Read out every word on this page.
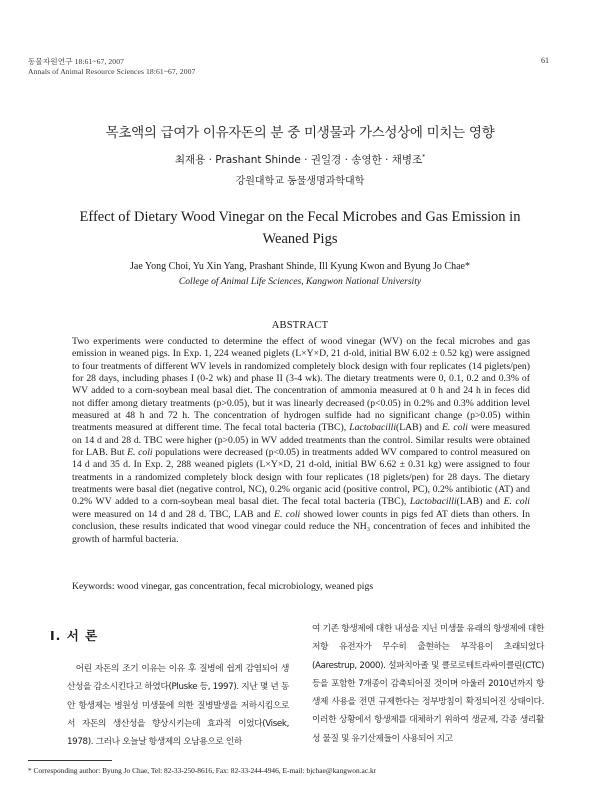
동물자원연구 18:61~67, 2007
Annals of Animal Resource Sciences 18:61~67, 2007
61
목초액의 급여가 이유자돈의 분 중 미생물과 가스성상에 미치는 영향
최재용 · Prashant Shinde · 권일경 · 송영한 · 채병조*
강원대학교 동물생명과학대학
Effect of Dietary Wood Vinegar on the Fecal Microbes and Gas Emission in Weaned Pigs
Jae Yong Choi, Yu Xin Yang, Prashant Shinde, Ill Kyung Kwon and Byung Jo Chae*
College of Animal Life Sciences, Kangwon National University
ABSTRACT
Two experiments were conducted to determine the effect of wood vinegar (WV) on the fecal microbes and gas emission in weaned pigs. In Exp. 1, 224 weaned piglets (L×Y×D, 21 d-old, initial BW 6.02 ± 0.52 kg) were assigned to four treatments of different WV levels in randomized completely block design with four replicates (14 piglets/pen) for 28 days, including phases I (0-2 wk) and phase II (3-4 wk). The dietary treatments were 0, 0.1, 0.2 and 0.3% of WV added to a corn-soybean meal basal diet. The concentration of ammonia measured at 0 h and 24 h in feces did not differ among dietary treatments (p>0.05), but it was linearly decreased (p<0.05) in 0.2% and 0.3% addition level measured at 48 h and 72 h. The concentration of hydrogen sulfide had no significant change (p>0.05) within treatments measured at different time. The fecal total bacteria (TBC), Lactobacilli(LAB) and E. coli were measured on 14 d and 28 d. TBC were higher (p>0.05) in WV added treatments than the control. Similar results were obtained for LAB. But E. coli populations were decreased (p<0.05) in treatments added WV compared to control measured on 14 d and 35 d. In Exp. 2, 288 weaned piglets (L×Y×D, 21 d-old, initial BW 6.62 ± 0.31 kg) were assigned to four treatments in a randomized completely block design with four replicates (18 piglets/pen) for 28 days. The dietary treatments were basal diet (negative control, NC), 0.2% organic acid (positive control, PC), 0.2% antibiotic (AT) and 0.2% WV added to a corn-soybean meal basal diet. The fecal total bacteria (TBC), Lactobacilli(LAB) and E. coli were measured on 14 d and 28 d. TBC, LAB and E. coli showed lower counts in pigs fed AT diets than others. In conclusion, these results indicated that wood vinegar could reduce the NH₃ concentration of feces and inhibited the growth of harmful bacteria.
Keywords: wood vinegar, gas concentration, fecal microbiology, weaned pigs
Ⅰ. 서 론
어린 자돈의 조기 이유는 이유 후 질병에 쉽게 감염되어 생산성을 감소시킨다고 하였다(Pluske 등, 1997). 지난 몇 년 동안 항생제는 병원성 미생물에 의한 질병발생을 저하시킴으로서 자돈의 생산성을 향상시키는데 효과적 이었다(Visek, 1978). 그러나 오늘날 항생제의 오남용으로 인하
여 기존 항생제에 대한 내성을 지닌 미생물 유래의 항생제에 대한 저항 유전자가 무수히 출현하는 부작용이 초래되었다(Aarestrup, 2000). 설파치아졸 및 클로로테트라싸이클린(CTC) 등을 포함한 7개종이 감축되어질 것이며 아울러 2010년까지 항생제 사용을 전면 규제한다는 정부방침이 확정되어진 상태이다. 이러한 상황에서 항생제를 대체하기 위하여 생균제, 각종 생리활성 물질 및 유기산제들이 사용되어 지고
* Corresponding author: Byung Jo Chae, Tel: 82-33-250-8616, Fax: 82-33-244-4946, E-mail: bjchae@kangwon.ac.kr
